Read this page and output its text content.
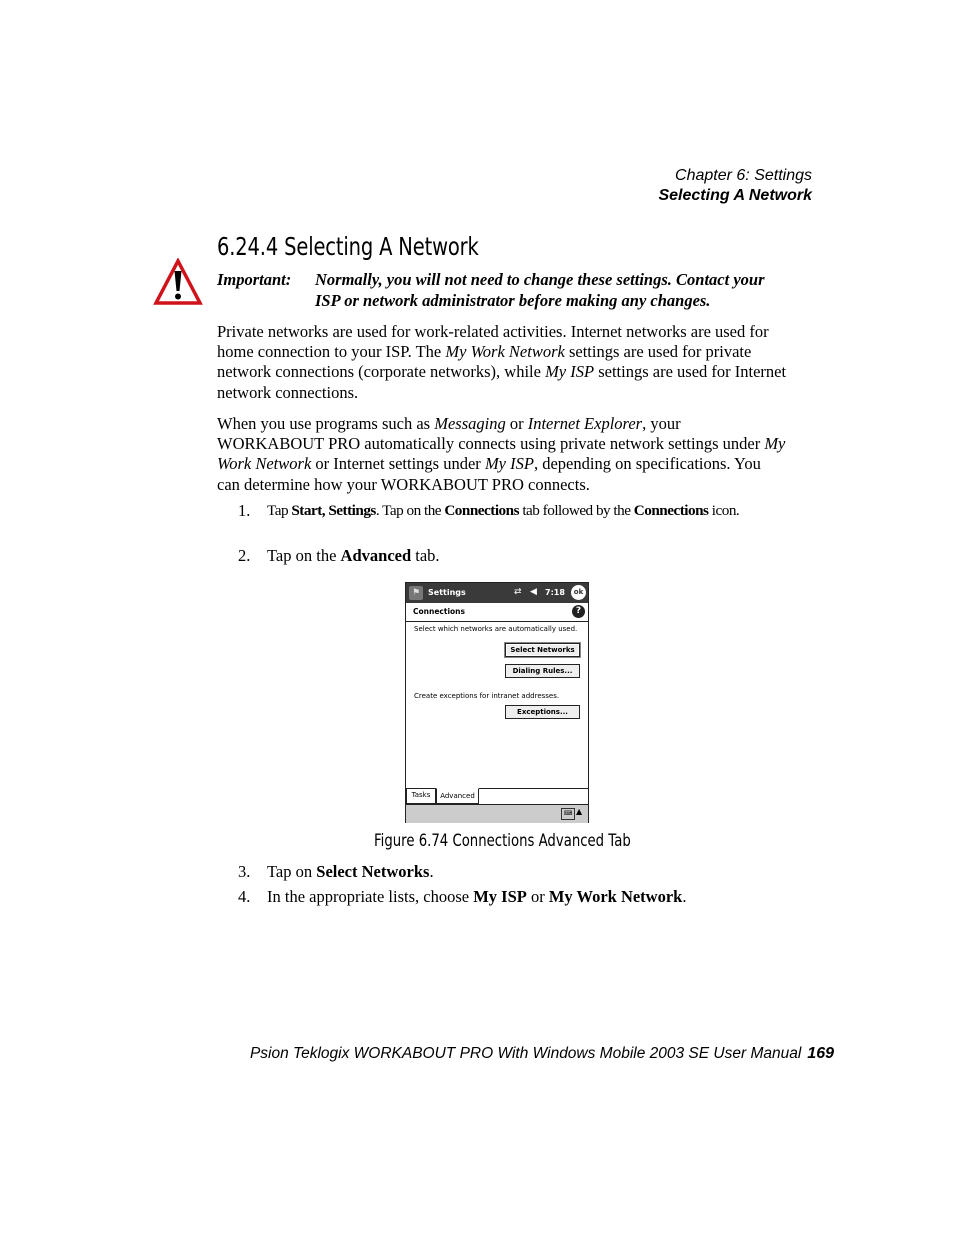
Chapter 6: Settings
Selecting A Network
6.24.4 Selecting A Network
Important: Normally, you will not need to change these settings. Contact your ISP or network administrator before making any changes.
Private networks are used for work-related activities. Internet networks are used for home connection to your ISP. The My Work Network settings are used for private network connections (corporate networks), while My ISP settings are used for Internet network connections.
When you use programs such as Messaging or Internet Explorer, your WORKABOUT PRO automatically connects using private network settings under My Work Network or Internet settings under My ISP, depending on specifications. You can determine how your WORKABOUT PRO connects.
1. Tap Start, Settings. Tap on the Connections tab followed by the Connections icon.
2. Tap on the Advanced tab.
⚑ Settings	⇄ ◀ 7:18	ok
Connections	?
Select which networks are automatically used.
Select Networks
Dialing Rules...
Create exceptions for intranet addresses.
Exceptions...
Tasks	Advanced
⌨ ▲
Figure 6.74 Connections Advanced Tab
3. Tap on Select Networks.
4. In the appropriate lists, choose My ISP or My Work Network.
Psion Teklogix WORKABOUT PRO With Windows Mobile 2003 SE User Manual 169
